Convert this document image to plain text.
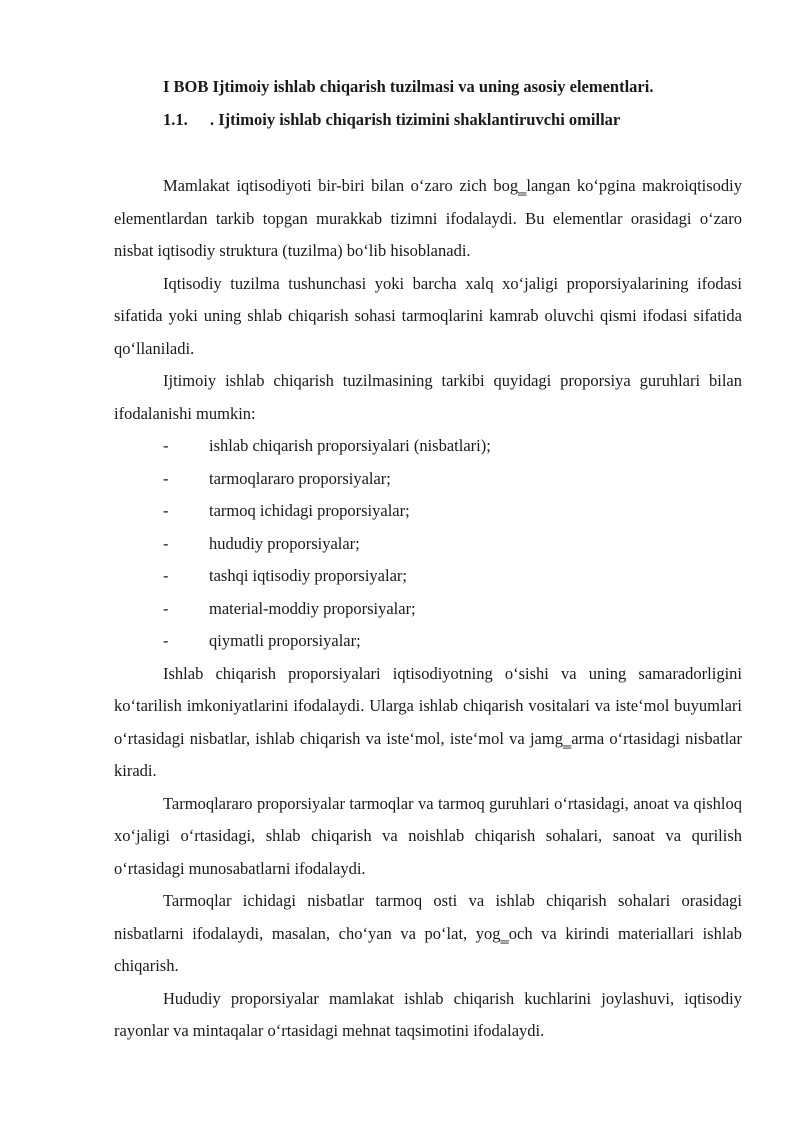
I BOB Ijtimoiy ishlab chiqarish tuzilmasi va uning asosiy elementlari.
1.1. . Ijtimoiy ishlab chiqarish tizimini shaklantiruvchi omillar

Mamlakat iqtisodiyoti bir-biri bilan o‘zaro zich bog‗langan ko‘pgina makroiqtisodiy elementlardan tarkib topgan murakkab tizimni ifodalaydi. Bu elementlar orasidagi o‘zaro nisbat iqtisodiy struktura (tuzilma) bo‘lib hisoblanadi.

Iqtisodiy tuzilma tushunchasi yoki barcha xalq xo‘jaligi proporsiyalarining ifodasi sifatida yoki uning shlab chiqarish sohasi tarmoqlarini kamrab oluvchi qismi ifodasi sifatida qo‘llaniladi.

Ijtimoiy ishlab chiqarish tuzilmasining tarkibi quyidagi proporsiya guruhlari bilan ifodalanishi mumkin:

- ishlab chiqarish proporsiyalari (nisbatlari);
- tarmoqlararo proporsiyalar;
- tarmoq ichidagi proporsiyalar;
- hududiy proporsiyalar;
- tashqi iqtisodiy proporsiyalar;
- material-moddiy proporsiyalar;
- qiymatli proporsiyalar;

Ishlab chiqarish proporsiyalari iqtisodiyotning o‘sishi va uning samaradorligini ko‘tarilish imkoniyatlarini ifodalaydi. Ularga ishlab chiqarish vositalari va iste‘mol buyumlari o‘rtasidagi nisbatlar, ishlab chiqarish va iste‘mol, iste‘mol va jamg‗arma o‘rtasidagi nisbatlar kiradi.

Tarmoqlararo proporsiyalar tarmoqlar va tarmoq guruhlari o‘rtasidagi, anoat va qishloq xo‘jaligi o‘rtasidagi, shlab chiqarish va noishlab chiqarish sohalari, sanoat va qurilish o‘rtasidagi munosabatlarni ifodalaydi.

Tarmoqlar ichidagi nisbatlar tarmoq osti va ishlab chiqarish sohalari orasidagi nisbatlarni ifodalaydi, masalan, cho‘yan va po‘lat, yog‗och va kirindi materiallari ishlab chiqarish.

Hududiy proporsiyalar mamlakat ishlab chiqarish kuchlarini joylashuvi, iqtisodiy rayonlar va mintaqalar o‘rtasidagi mehnat taqsimotini ifodalaydi.
